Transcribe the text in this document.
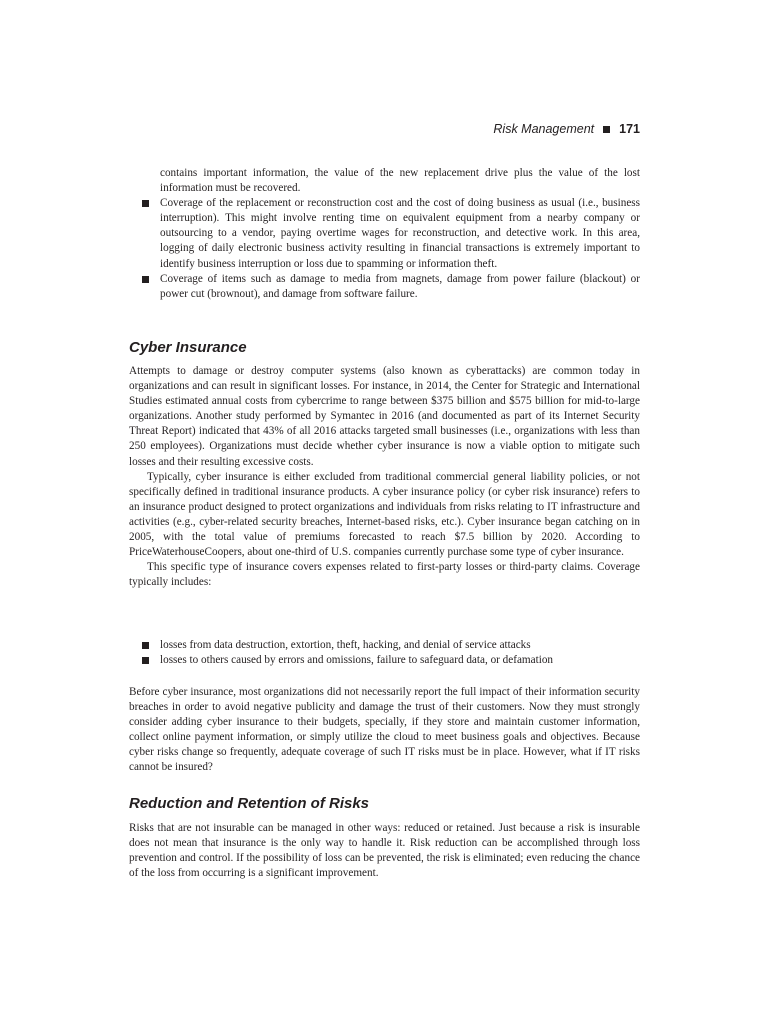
Risk Management 171

contains important information, the value of the new replacement drive plus the value of the lost information must be recovered.

Coverage of the replacement or reconstruction cost and the cost of doing business as usual (i.e., business interruption). This might involve renting time on equivalent equipment from a nearby company or outsourcing to a vendor, paying overtime wages for reconstruction, and detective work. In this area, logging of daily electronic business activity resulting in financial transactions is extremely important to identify business interruption or loss due to spamming or information theft.
Coverage of items such as damage to media from magnets, damage from power failure (blackout) or power cut (brownout), and damage from software failure.
Cyber Insurance

Attempts to damage or destroy computer systems (also known as cyberattacks) are common today in organizations and can result in significant losses. For instance, in 2014, the Center for Strategic and International Studies estimated annual costs from cybercrime to range between $375 billion and $575 billion for mid-to-large organizations. Another study performed by Symantec in 2016 (and documented as part of its Internet Security Threat Report) indicated that 43% of all 2016 attacks targeted small businesses (i.e., organizations with less than 250 employees). Organizations must decide whether cyber insurance is now a viable option to mitigate such losses and their resulting excessive costs.

Typically, cyber insurance is either excluded from traditional commercial general liability policies, or not specifically defined in traditional insurance products. A cyber insurance policy (or cyber risk insurance) refers to an insurance product designed to protect organizations and individuals from risks relating to IT infrastructure and activities (e.g., cyber-related security breaches, Internet-based risks, etc.). Cyber insurance began catching on in 2005, with the total value of premiums forecasted to reach $7.5 billion by 2020. According to PriceWaterhouseCoopers, about one-third of U.S. companies currently purchase some type of cyber insurance.

This specific type of insurance covers expenses related to first-party losses or third-party claims. Coverage typically includes:

losses from data destruction, extortion, theft, hacking, and denial of service attacks
losses to others caused by errors and omissions, failure to safeguard data, or defamation

Before cyber insurance, most organizations did not necessarily report the full impact of their information security breaches in order to avoid negative publicity and damage the trust of their customers. Now they must strongly consider adding cyber insurance to their budgets, specially, if they store and maintain customer information, collect online payment information, or simply utilize the cloud to meet business goals and objectives. Because cyber risks change so frequently, adequate coverage of such IT risks must be in place. However, what if IT risks cannot be insured?

Reduction and Retention of Risks

Risks that are not insurable can be managed in other ways: reduced or retained. Just because a risk is insurable does not mean that insurance is the only way to handle it. Risk reduction can be accomplished through loss prevention and control. If the possibility of loss can be prevented, the risk is eliminated; even reducing the chance of the loss from occurring is a significant improvement.
